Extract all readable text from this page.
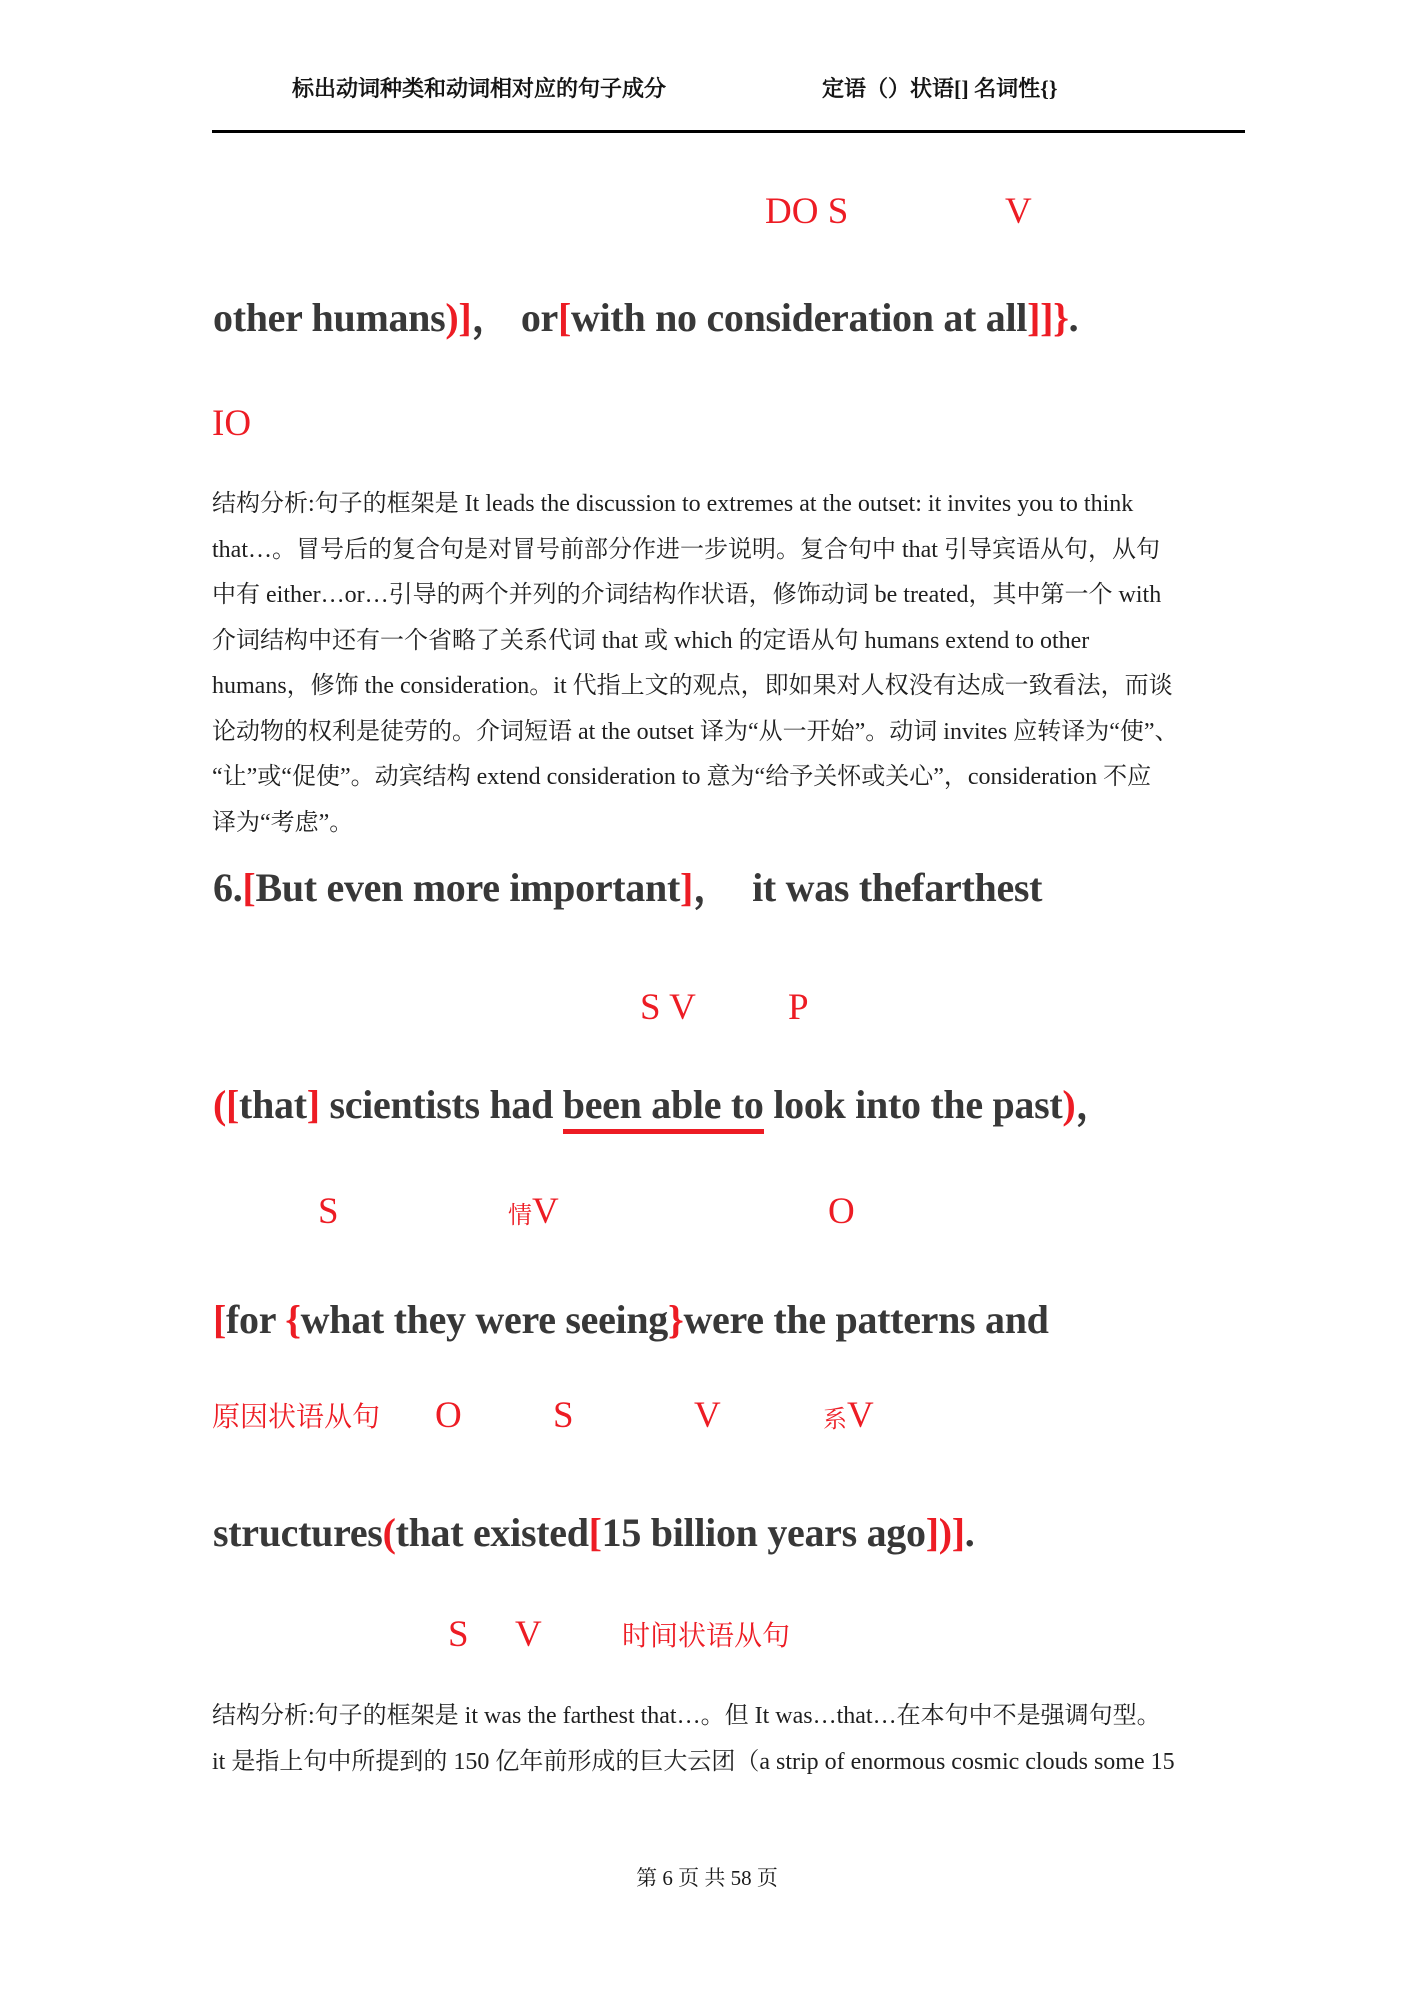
标出动词种类和动词相对应的句子成分	定语（）状语[] 名词性{}
DO S	V
other humans)]， or[with no consideration at all]]}.
IO
结构分析:句子的框架是 It leads the discussion to extremes at the outset: it invites you to think
that…。冒号后的复合句是对冒号前部分作进一步说明。复合句中 that 引导宾语从句，从句
中有 either…or…引导的两个并列的介词结构作状语，修饰动词 be treated，其中第一个 with
介词结构中还有一个省略了关系代词 that 或 which 的定语从句 humans extend to other
humans，修饰 the consideration。it 代指上文的观点，即如果对人权没有达成一致看法，而谈
论动物的权利是徒劳的。介词短语 at the outset 译为“从一开始”。动词 invites 应转译为“使”、
“让”或“促使”。动宾结构 extend consideration to 意为“给予关怀或关心”，consideration 不应
译为“考虑”。
6.[But even more important]，  it was thefarthest
S V P
([that] scientists had been able to look into the past)，
S	情V	O
[for {what they were seeing}were the patterns and
原因状语从句 O S	V	系V
structures(that existed[15 billion years ago])].
S V	时间状语从句
结构分析:句子的框架是 it was the farthest that…。但 It was…that…在本句中不是强调句型。
it 是指上句中所提到的 150 亿年前形成的巨大云团（a strip of enormous cosmic clouds some 15
第 6 页 共 58 页
